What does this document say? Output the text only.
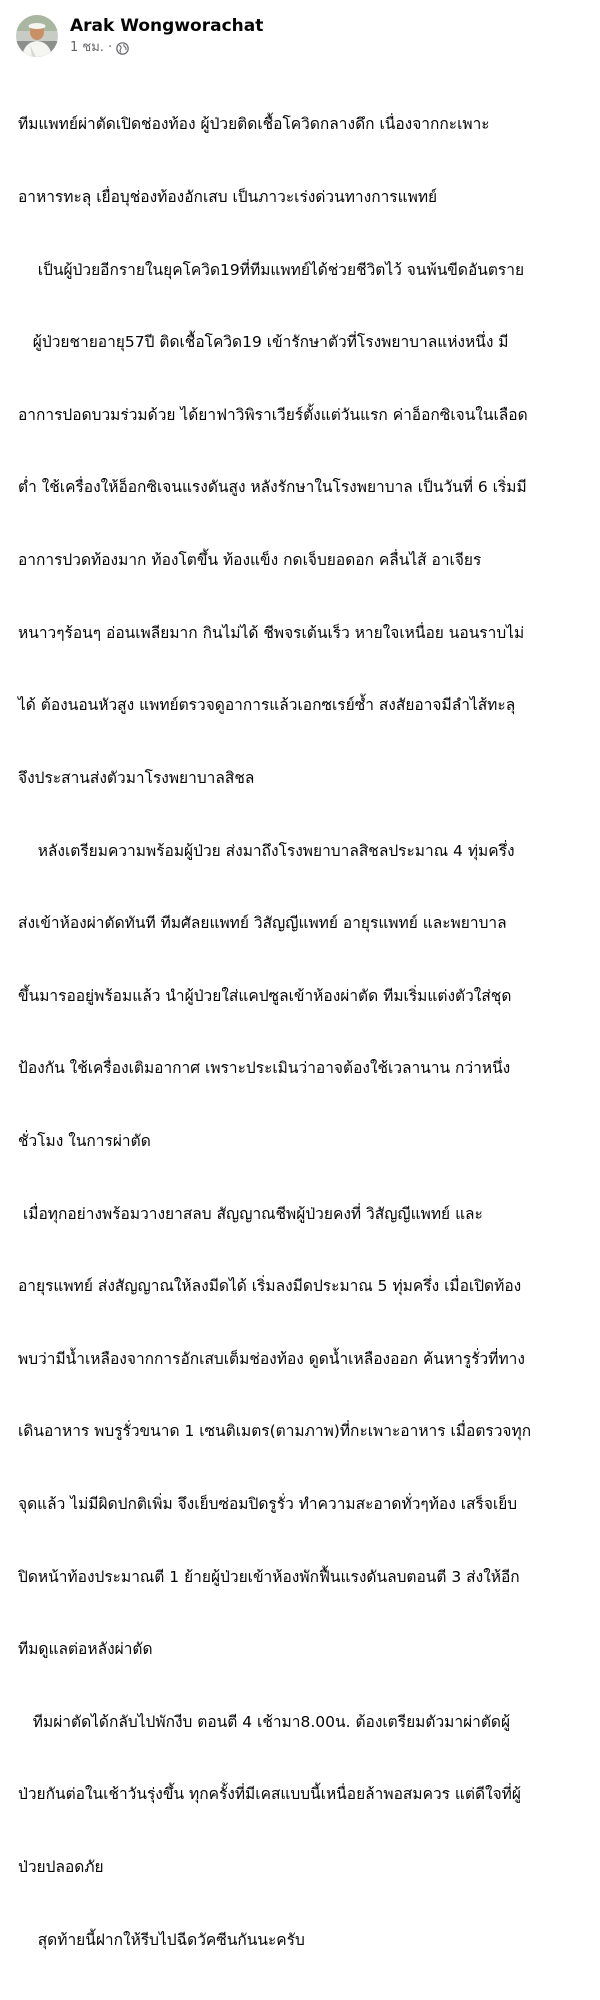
Arak Wongworachat
1 ชม. ·

ทีมแพทย์ผ่าตัดเปิดช่องท้อง ผู้ป่วยติดเชื้อโควิดกลางดึก เนื่องจากกะเพาะ

อาหารทะลุ เยื่อบุช่องท้องอักเสบ เป็นภาวะเร่งด่วนทางการแพทย์

เป็นผู้ป่วยอีกรายในยุคโควิด19ที่ทีมแพทย์ได้ช่วยชีวิตไว้ จนพ้นขีดอันตราย

ผู้ป่วยชายอายุ57ปี ติดเชื้อโควิด19 เข้ารักษาตัวที่โรงพยาบาลแห่งหนึ่ง มี

อาการปอดบวมร่วมด้วย ได้ยาฟาวิพิราเวียร์ตั้งแต่วันแรก ค่าอ็อกซิเจนในเลือด

ต่ำ ใช้เครื่องให้อ็อกซิเจนแรงดันสูง หลังรักษาในโรงพยาบาล เป็นวันที่ 6 เริ่มมี

อาการปวดท้องมาก ท้องโตขึ้น ท้องแข็ง กดเจ็บยอดอก คลื่นไส้ อาเจียร

หนาวๆร้อนๆ อ่อนเพลียมาก กินไม่ได้ ชีพจรเต้นเร็ว หายใจเหนื่อย นอนราบไม่

ได้ ต้องนอนหัวสูง แพทย์ตรวจดูอาการแล้วเอกซเรย์ซ้ำ สงสัยอาจมีลำไส้ทะลุ

จึงประสานส่งตัวมาโรงพยาบาลสิชล

หลังเตรียมความพร้อมผู้ป่วย ส่งมาถึงโรงพยาบาลสิชลประมาณ 4 ทุ่มครึ่ง

ส่งเข้าห้องผ่าตัดทันที ทีมศัลยแพทย์ วิสัญญีแพทย์ อายุรแพทย์ และพยาบาล

ขึ้นมารออยู่พร้อมแล้ว นำผู้ป่วยใส่แคปซูลเข้าห้องผ่าตัด ทีมเริ่มแต่งตัวใส่ชุด

ป้องกัน ใช้เครื่องเติมอากาศ เพราะประเมินว่าอาจต้องใช้เวลานาน กว่าหนึ่ง

ชั่วโมง ในการผ่าตัด

เมื่อทุกอย่างพร้อมวางยาสลบ สัญญาณชีพผู้ป่วยคงที่ วิสัญญีแพทย์ และ

อายุรแพทย์ ส่งสัญญาณให้ลงมีดได้ เริ่มลงมีดประมาณ 5 ทุ่มครึ่ง เมื่อเปิดท้อง

พบว่ามีน้ำเหลืองจากการอักเสบเต็มช่องท้อง ดูดน้ำเหลืองออก ค้นหารูรั่วที่ทาง

เดินอาหาร พบรูรั่วขนาด 1 เซนติเมตร(ตามภาพ)ที่กะเพาะอาหาร เมื่อตรวจทุก

จุดแล้ว ไม่มีผิดปกติเพิ่ม จึงเย็บซ่อมปิดรูรั่ว ทำความสะอาดทั่วๆท้อง เสร็จเย็บ

ปิดหน้าท้องประมาณตี 1 ย้ายผู้ป่วยเข้าห้องพักฟื้นแรงดันลบตอนตี 3 ส่งให้อีก

ทีมดูแลต่อหลังผ่าตัด

ทีมผ่าตัดได้กลับไปพักงีบ ตอนตี 4 เช้ามา8.00น. ต้องเตรียมตัวมาผ่าตัดผู้

ป่วยกันต่อในเช้าวันรุ่งขึ้น ทุกครั้งที่มีเคสแบบนี้เหนื่อยล้าพอสมควร แต่ดีใจที่ผู้

ป่วยปลอดภัย

สุดท้ายนี้ฝากให้รีบไปฉีดวัคซีนกันนะครับ
